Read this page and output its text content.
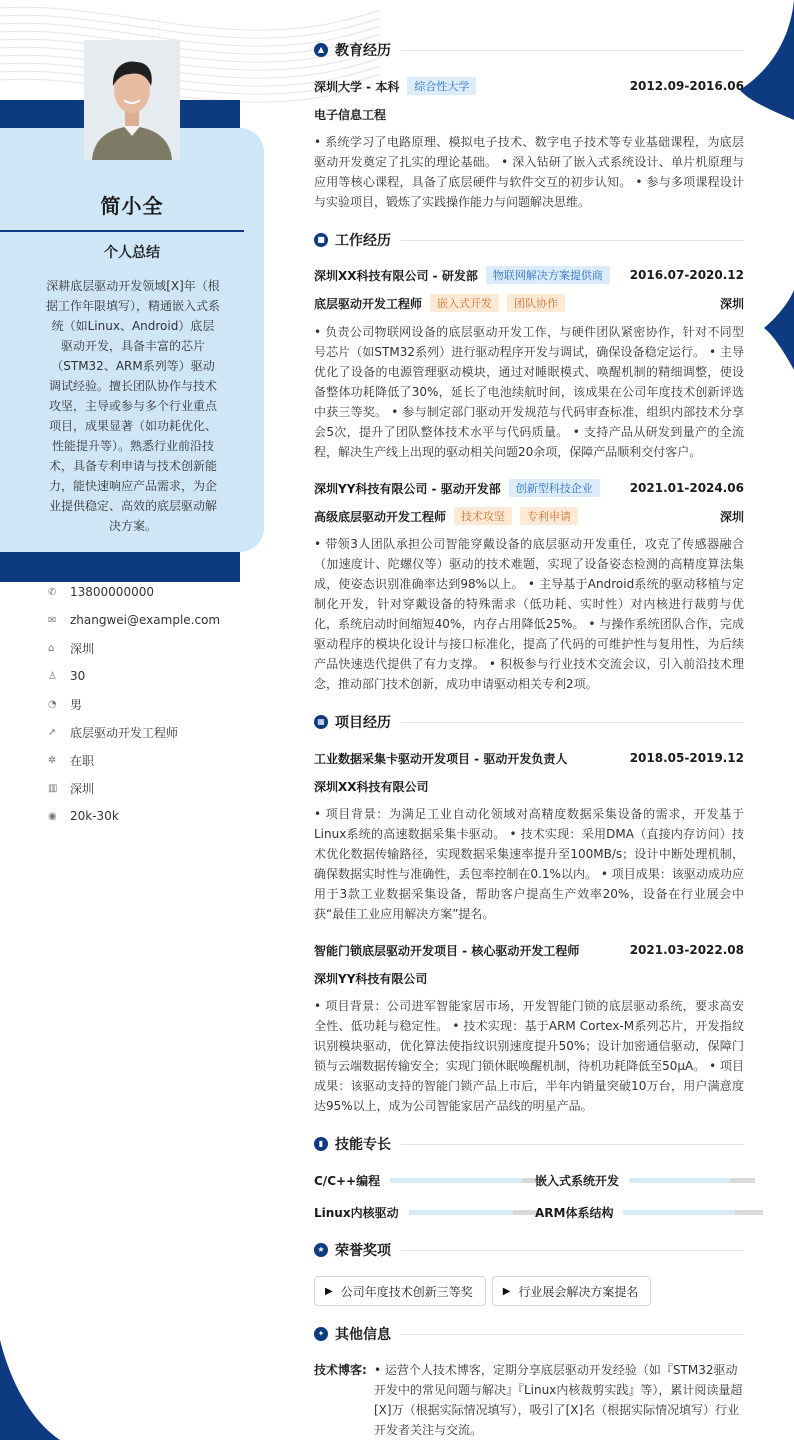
简小全
个人总结
深耕底层驱动开发领域[X]年（根据工作年限填写），精通嵌入式系统（如Linux、Android）底层驱动开发，具备丰富的芯片（STM32、ARM系列等）驱动调试经验。擅长团队协作与技术攻坚，主导或参与多个行业重点项目，成果显著（如功耗优化、性能提升等）。熟悉行业前沿技术，具备专利申请与技术创新能力，能快速响应产品需求，为企业提供稳定、高效的底层驱动解决方案。
✆	13800000000
✉	zhangwei@example.com
⌂	深圳
♙	30
◔	男
➚	底层驱动开发工程师
✲	在职
▥	深圳
◉	20k-30k
▲ 教育经历
深圳大学 - 本科	综合性大学	2012.09-2016.06
电子信息工程
• 系统学习了电路原理、模拟电子技术、数字电子技术等专业基础课程，为底层驱动开发奠定了扎实的理论基础。 • 深入钻研了嵌入式系统设计、单片机原理与应用等核心课程，具备了底层硬件与软件交互的初步认知。 • 参与多项课程设计与实验项目，锻炼了实践操作能力与问题解决思维。
■ 工作经历
深圳XX科技有限公司 - 研发部	物联网解决方案提供商	2016.07-2020.12
底层驱动开发工程师	嵌入式开发	团队协作	深圳
• 负责公司物联网设备的底层驱动开发工作，与硬件团队紧密协作，针对不同型号芯片（如STM32系列）进行驱动程序开发与调试，确保设备稳定运行。 • 主导优化了设备的电源管理驱动模块，通过对睡眠模式、唤醒机制的精细调整，使设备整体功耗降低了30%，延长了电池续航时间，该成果在公司年度技术创新评选中获三等奖。 • 参与制定部门驱动开发规范与代码审查标准，组织内部技术分享会5次，提升了团队整体技术水平与代码质量。 • 支持产品从研发到量产的全流程，解决生产线上出现的驱动相关问题20余项，保障产品顺利交付客户。
深圳YY科技有限公司 - 驱动开发部	创新型科技企业	2021.01-2024.06
高级底层驱动开发工程师	技术攻坚	专利申请	深圳
• 带领3人团队承担公司智能穿戴设备的底层驱动开发重任，攻克了传感器融合（加速度计、陀螺仪等）驱动的技术难题，实现了设备姿态检测的高精度算法集成，使姿态识别准确率达到98%以上。 • 主导基于Android系统的驱动移植与定制化开发，针对穿戴设备的特殊需求（低功耗、实时性）对内核进行裁剪与优化，系统启动时间缩短40%，内存占用降低25%。 • 与操作系统团队合作，完成驱动程序的模块化设计与接口标准化，提高了代码的可维护性与复用性，为后续产品快速迭代提供了有力支撑。 • 积极参与行业技术交流会议，引入前沿技术理念，推动部门技术创新，成功申请驱动相关专利2项。
▦ 项目经历
工业数据采集卡驱动开发项目 - 驱动开发负责人	2018.05-2019.12
深圳XX科技有限公司
• 项目背景：为满足工业自动化领域对高精度数据采集设备的需求，开发基于Linux系统的高速数据采集卡驱动。 • 技术实现：采用DMA（直接内存访问）技术优化数据传输路径，实现数据采集速率提升至100MB/s；设计中断处理机制，确保数据实时性与准确性，丢包率控制在0.1%以内。 • 项目成果：该驱动成功应用于3款工业数据采集设备，帮助客户提高生产效率20%，设备在行业展会中获“最佳工业应用解决方案”提名。
智能门锁底层驱动开发项目 - 核心驱动开发工程师	2021.03-2022.08
深圳YY科技有限公司
• 项目背景：公司进军智能家居市场，开发智能门锁的底层驱动系统，要求高安全性、低功耗与稳定性。 • 技术实现：基于ARM Cortex-M系列芯片，开发指纹识别模块驱动，优化算法使指纹识别速度提升50%；设计加密通信驱动，保障门锁与云端数据传输安全；实现门锁休眠唤醒机制，待机功耗降低至50μA。 • 项目成果：该驱动支持的智能门锁产品上市后，半年内销量突破10万台，用户满意度达95%以上，成为公司智能家居产品线的明星产品。
▮ 技能专长
C/C++编程	嵌入式系统开发
Linux内核驱动	ARM体系结构
★ 荣誉奖项
▶ 公司年度技术创新三等奖	▶ 行业展会解决方案提名
✦ 其他信息
技术博客: • 运营个人技术博客，定期分享底层驱动开发经验（如『STM32驱动开发中的常见问题与解决』『Linux内核裁剪实践』等），累计阅读量超[X]万（根据实际情况填写），吸引了[X]名（根据实际情况填写）行业开发者关注与交流。
